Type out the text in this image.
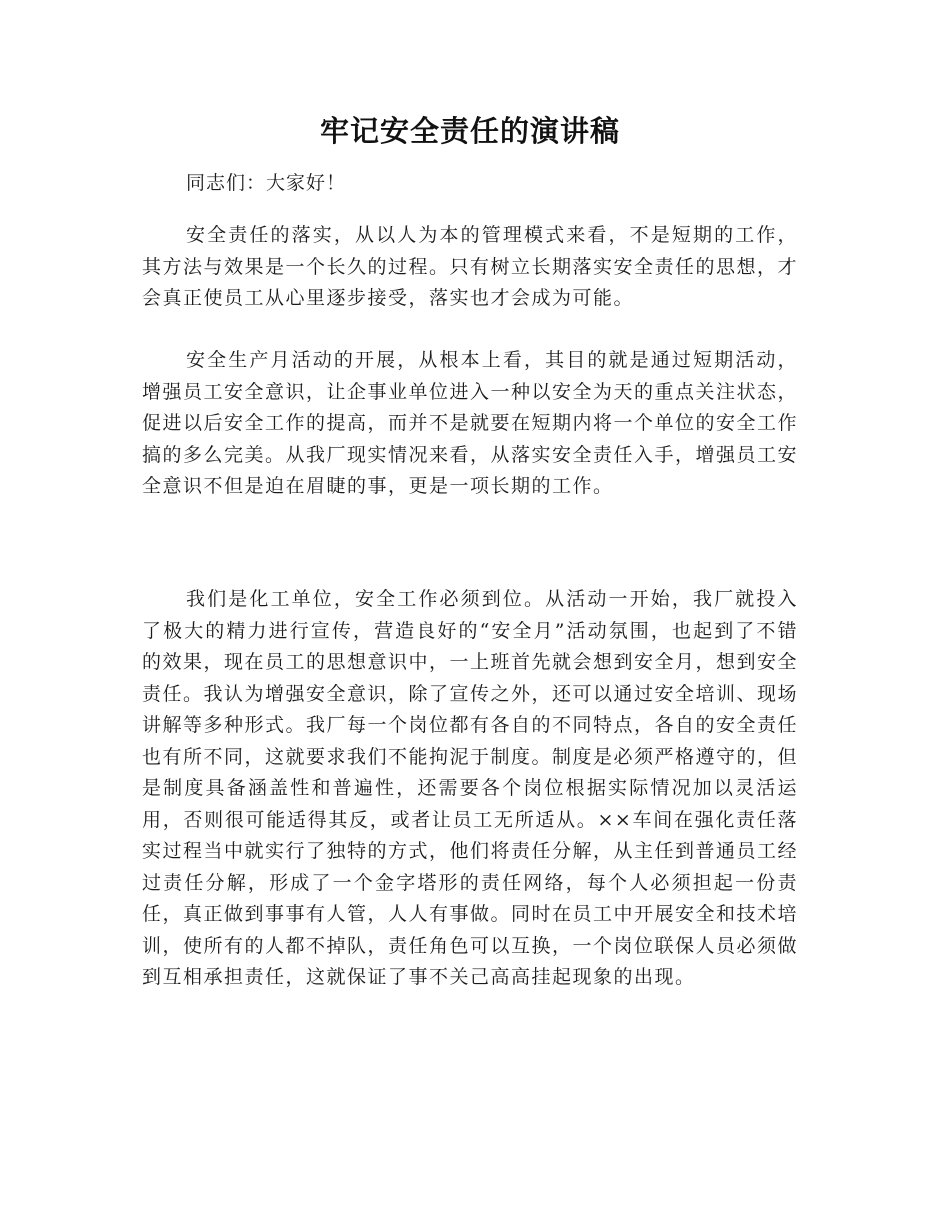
牢记安全责任的演讲稿

同志们：大家好！

安全责任的落实，从以人为本的管理模式来看，不是短期的工作，其方法与效果是一个长久的过程。只有树立长期落实安全责任的思想，才会真正使员工从心里逐步接受，落实也才会成为可能。

安全生产月活动的开展，从根本上看，其目的就是通过短期活动，增强员工安全意识，让企事业单位进入一种以安全为天的重点关注状态，促进以后安全工作的提高，而并不是就要在短期内将一个单位的安全工作搞的多么完美。从我厂现实情况来看，从落实安全责任入手，增强员工安全意识不但是迫在眉睫的事，更是一项长期的工作。

我们是化工单位，安全工作必须到位。从活动一开始，我厂就投入了极大的精力进行宣传，营造良好的“安全月”活动氛围，也起到了不错的效果，现在员工的思想意识中，一上班首先就会想到安全月，想到安全责任。我认为增强安全意识，除了宣传之外，还可以通过安全培训、现场讲解等多种形式。我厂每一个岗位都有各自的不同特点，各自的安全责任也有所不同，这就要求我们不能拘泥于制度。制度是必须严格遵守的，但是制度具备涵盖性和普遍性，还需要各个岗位根据实际情况加以灵活运用，否则很可能适得其反，或者让员工无所适从。××车间在强化责任落实过程当中就实行了独特的方式，他们将责任分解，从主任到普通员工经过责任分解，形成了一个金字塔形的责任网络，每个人必须担起一份责任，真正做到事事有人管，人人有事做。同时在员工中开展安全和技术培训，使所有的人都不掉队，责任角色可以互换，一个岗位联保人员必须做到互相承担责任，这就保证了事不关己高高挂起现象的出现。
